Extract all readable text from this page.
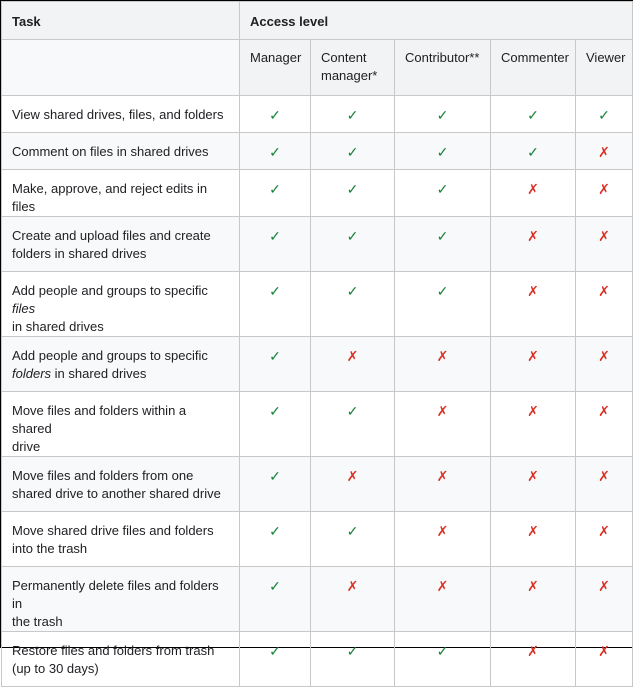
Task	Access level				
	Manager	Content manager*	Contributor**	Commenter	Viewer
View shared drives, files, and folders	✓	✓	✓	✓	✓
Comment on files in shared drives	✓	✓	✓	✓	✗
Make, approve, and reject edits in files	✓	✓	✓	✗	✗
Create and upload files and create
folders in shared drives	✓	✓	✓	✗	✗
Add people and groups to specific files
in shared drives	✓	✓	✓	✗	✗
Add people and groups to specific
folders in shared drives	✓	✗	✗	✗	✗
Move files and folders within a shared
drive	✓	✓	✗	✗	✗
Move files and folders from one
shared drive to another shared drive	✓	✗	✗	✗	✗
Move shared drive files and folders
into the trash	✓	✓	✗	✗	✗
Permanently delete files and folders in
the trash	✓	✗	✗	✗	✗
Restore files and folders from trash
(up to 30 days)	✓	✓	✓	✗	✗
